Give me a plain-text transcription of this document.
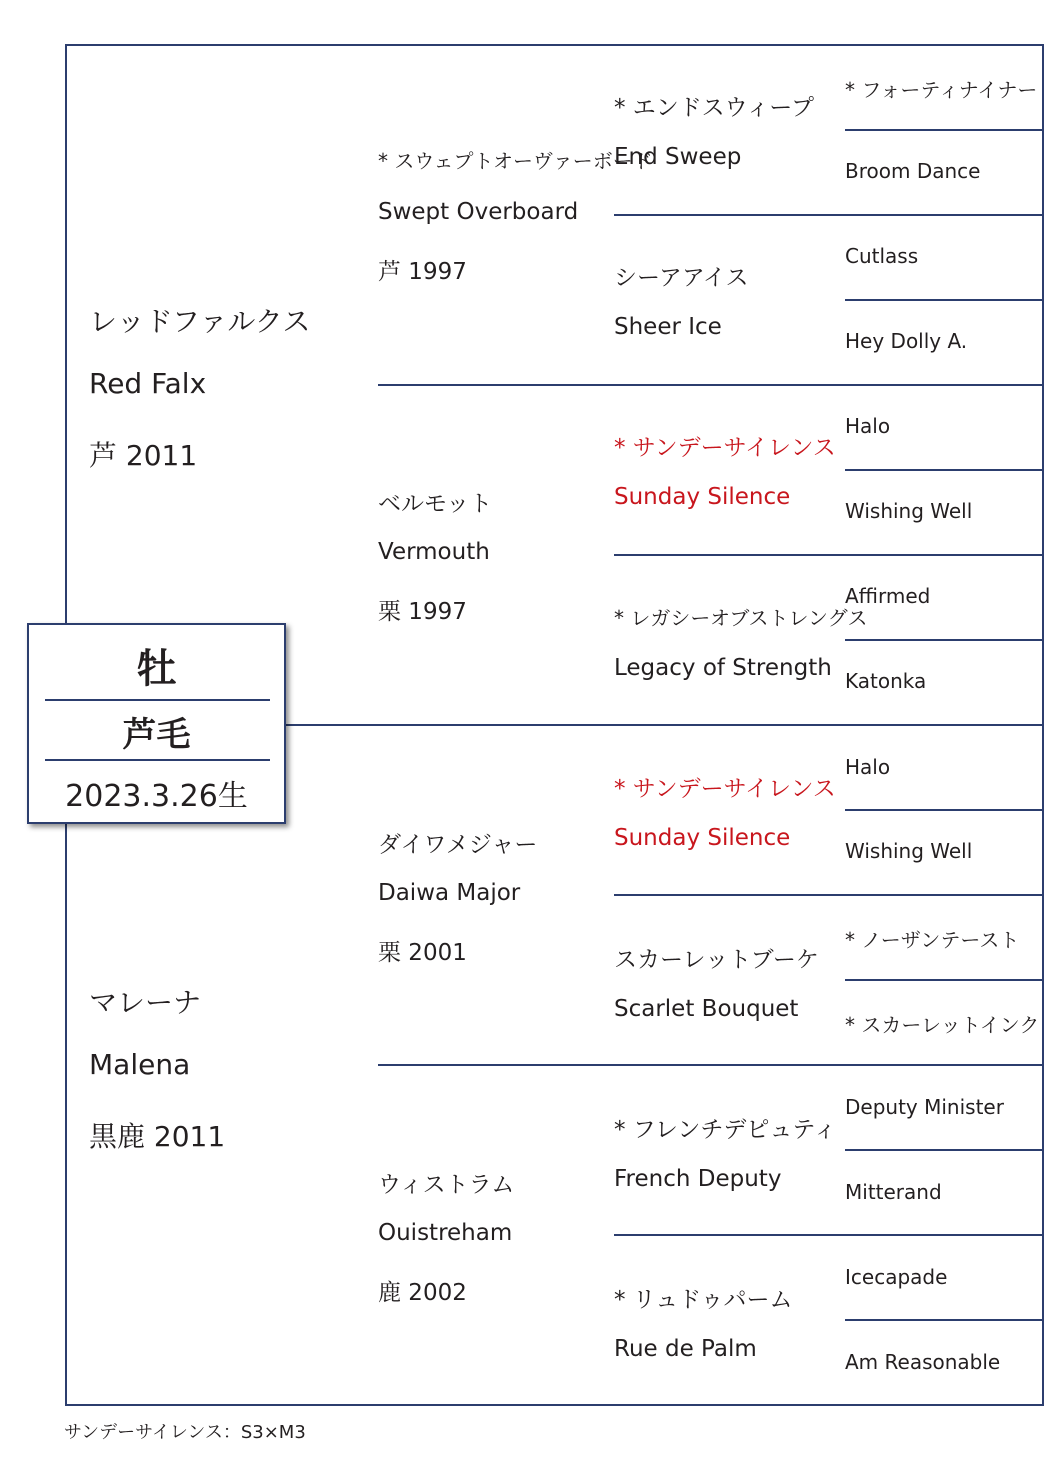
レッドファルクス
Red Falx
芦 2011
マレーナ
Malena
黒鹿 2011
* スウェプトオーヴァーボード
Swept Overboard
芦 1997
ベルモット
Vermouth
栗 1997
ダイワメジャー
Daiwa Major
栗 2001
ウィストラム
Ouistreham
鹿 2002
* エンドスウィープ
End Sweep
シーアアイス
Sheer Ice
* サンデーサイレンス
Sunday Silence
* レガシーオブストレングス
Legacy of Strength
* サンデーサイレンス
Sunday Silence
スカーレットブーケ
Scarlet Bouquet
* フレンチデピュティ
French Deputy
* リュドゥパーム
Rue de Palm
* フォーティナイナー
Broom Dance
Cutlass
Hey Dolly A.
Halo
Wishing Well
Affirmed
Katonka
Halo
Wishing Well
* ノーザンテースト
* スカーレットインク
Deputy Minister
Mitterand
Icecapade
Am Reasonable
牡
芦毛
2023.3.26生
サンデーサイレンス：S3×M3
